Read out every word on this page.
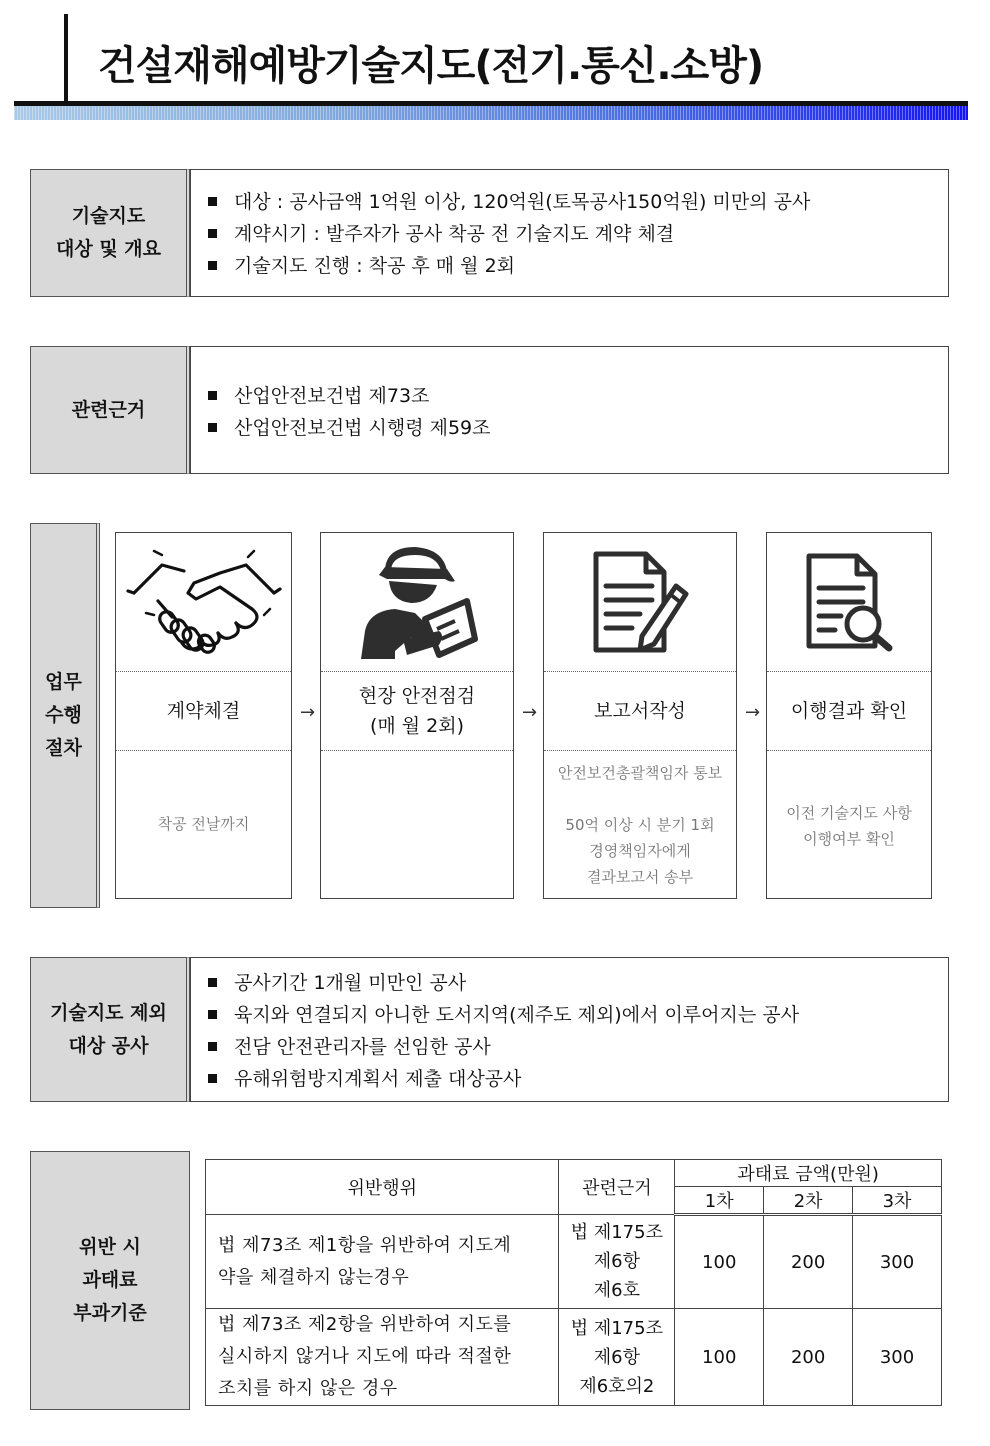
건설재해예방기술지도(전기.통신.소방)
기술지도
대상 및 개요
대상 : 공사금액 1억원 이상, 120억원(토목공사150억원) 미만의 공사
계약시기 : 발주자가 공사 착공 전 기술지도 계약 체결
기술지도 진행 : 착공 후 매 월 2회
관련근거
산업안전보건법 제73조
산업안전보건법 시행령 제59조
업무
수행
절차
계약체결
착공 전날까지
→
현장 안전점검
(매 월 2회)
→	보고서작성
안전보건총괄책임자 통보

50억 이상 시 분기 1회
경영책임자에게
결과보고서 송부
→ 이행결과 확인
이전 기술지도 사항
이행여부 확인
기술지도 제외
대상 공사
공사기간 1개월 미만인 공사
육지와 연결되지 아니한 도서지역(제주도 제외)에서 이루어지는 공사
전담 안전관리자를 선임한 공사
유해위험방지계획서 제출 대상공사
위반 시
과태료
부과기준
위반행위	관련근거	과태료 금액(만원)		
		1차	2차	3차
법 제73조 제1항을 위반하여 지도계
약을 체결하지 않는경우	법 제175조
제6항
제6호	100	200	300
법 제73조 제2항을 위반하여 지도를
실시하지 않거나 지도에 따라 적절한
조치를 하지 않은 경우	법 제175조
제6항
제6호의2	100	200	300
